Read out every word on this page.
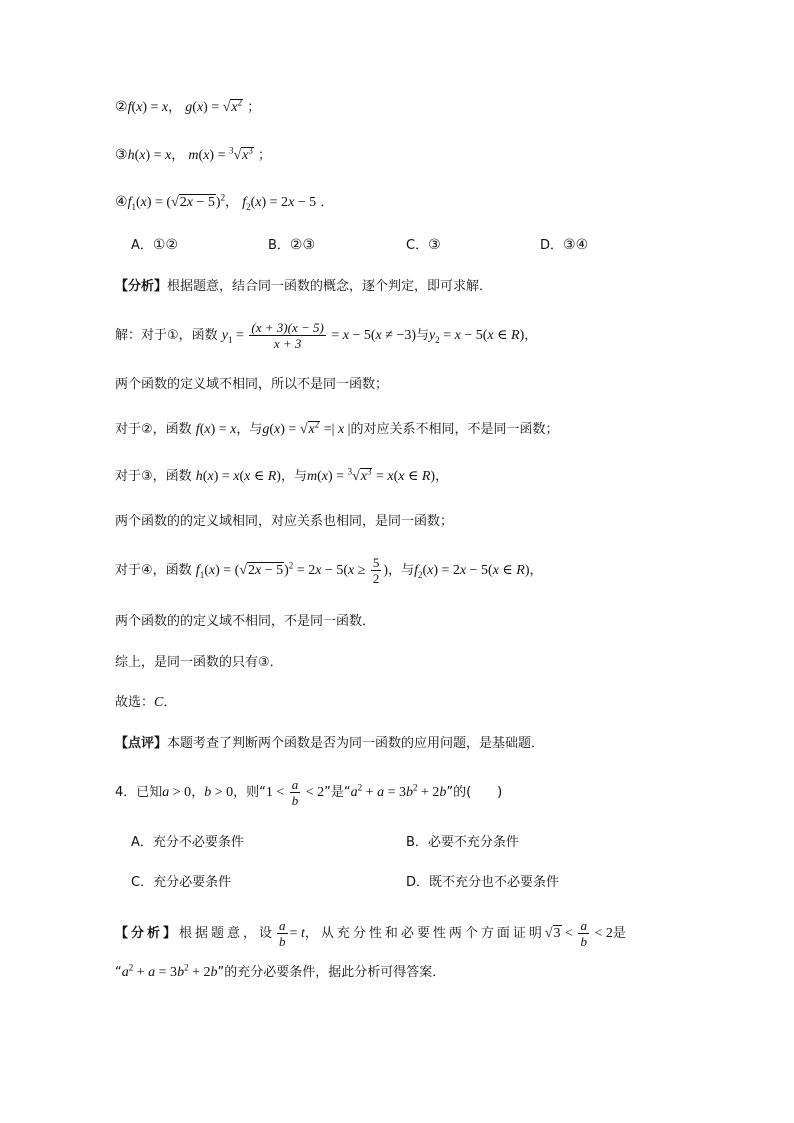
②f(x) = x， $g(x) = √x^2$ ；
③h(x) = x， $m(x) = ^3√x^3$ ；
$④f_1(x) = (√2x - 5)^2$， $f_2(x) = 2x - 5$ ．
A．①②	B．②③	C．③	D．③④
【分析】根据题意，结合同一函数的概念，逐个判定，即可求解．
解：对于①，函数 $y_1 = \frac{(x + 3)(x - 5)}{x + 3} = x - 5(x \ne -3)$与$y_2 = x - 5(x$ ∈ R)，
两个函数的定义域不相同，所以不是同一函数；
对于②，函数 f(x) = x，与$g(x) = √x^2$ =| x |的对应关系不相同，不是同一函数；
对于③，函数 h(x) = x(x ∈ R)，与$m(x) = ^3√x^3 = x(x$ ∈ R)，
两个函数的的定义域相同，对应关系也相同，是同一函数；
对于④，函数 $f_1(x) = (√2x - 5)^2 = 2x - 5(x \ge \frac{5}{2}$ )，与$f_2(x) = 2x - 5(x$ ∈ R)，
两个函数的的定义域不相同，不是同一函数．
综上，是同一函数的只有③．
故选：C．
【点评】本题考查了判断两个函数是否为同一函数的应用问题，是基础题．
4．已知a > 0，b > 0，则“$1 < \frac{a}{b} < 2$”是“$a^2 + a = 3b^2 + 2b$”的(　　)
A．充分不必要条件	B．必要不充分条件
C．充分必要条件	D．既不充分也不必要条件
【分析】根据题意，设 $\frac{a}{b} = t$，从充分性和必要性两个方面证明$√3 < \frac{a}{b} < 2$是
“$a^2 + a = 3b^2 + 2b$”的充分必要条件，据此分析可得答案．
